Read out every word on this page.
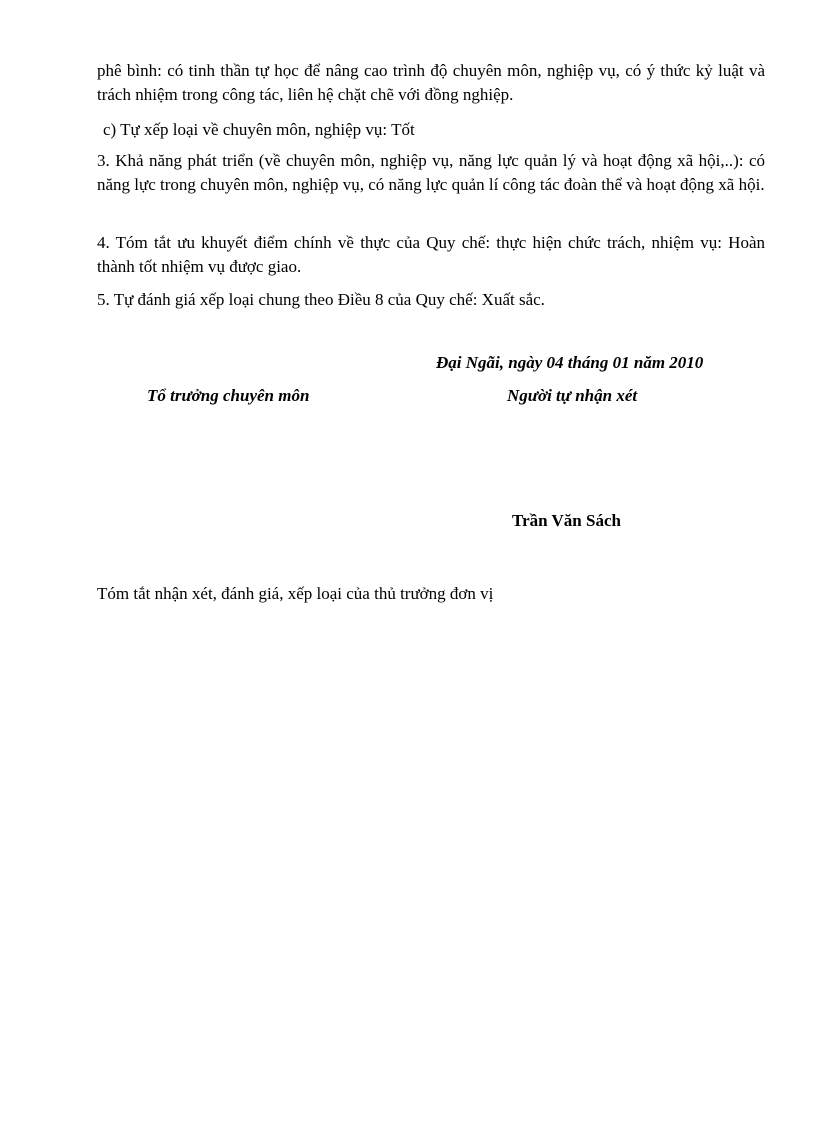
phê bình: có tinh thần tự học để nâng cao trình độ chuyên môn, nghiệp vụ, có ý thức kỷ luật và trách nhiệm trong công tác, liên hệ chặt chẽ với đồng nghiệp.
c) Tự xếp loại về chuyên môn, nghiệp vụ: Tốt
3. Khả năng phát triển (về chuyên môn, nghiệp vụ, năng lực quản lý và hoạt động xã hội,..): có năng lực trong chuyên môn, nghiệp vụ, có năng lực quản lí công tác đoàn thể và hoạt động xã hội.
4. Tóm tắt ưu khuyết điểm chính về thực của Quy chế: thực hiện chức trách, nhiệm vụ: Hoàn thành tốt nhiệm vụ được giao.
5. Tự đánh giá xếp loại chung theo Điều 8 của Quy chế: Xuất sắc.
Đại Ngãi, ngày 04 tháng 01 năm 2010
Tổ trưởng chuyên môn	Người tự nhận xét
Trần Văn Sách
Tóm tắt nhận xét, đánh giá, xếp loại của thủ trưởng đơn vị
